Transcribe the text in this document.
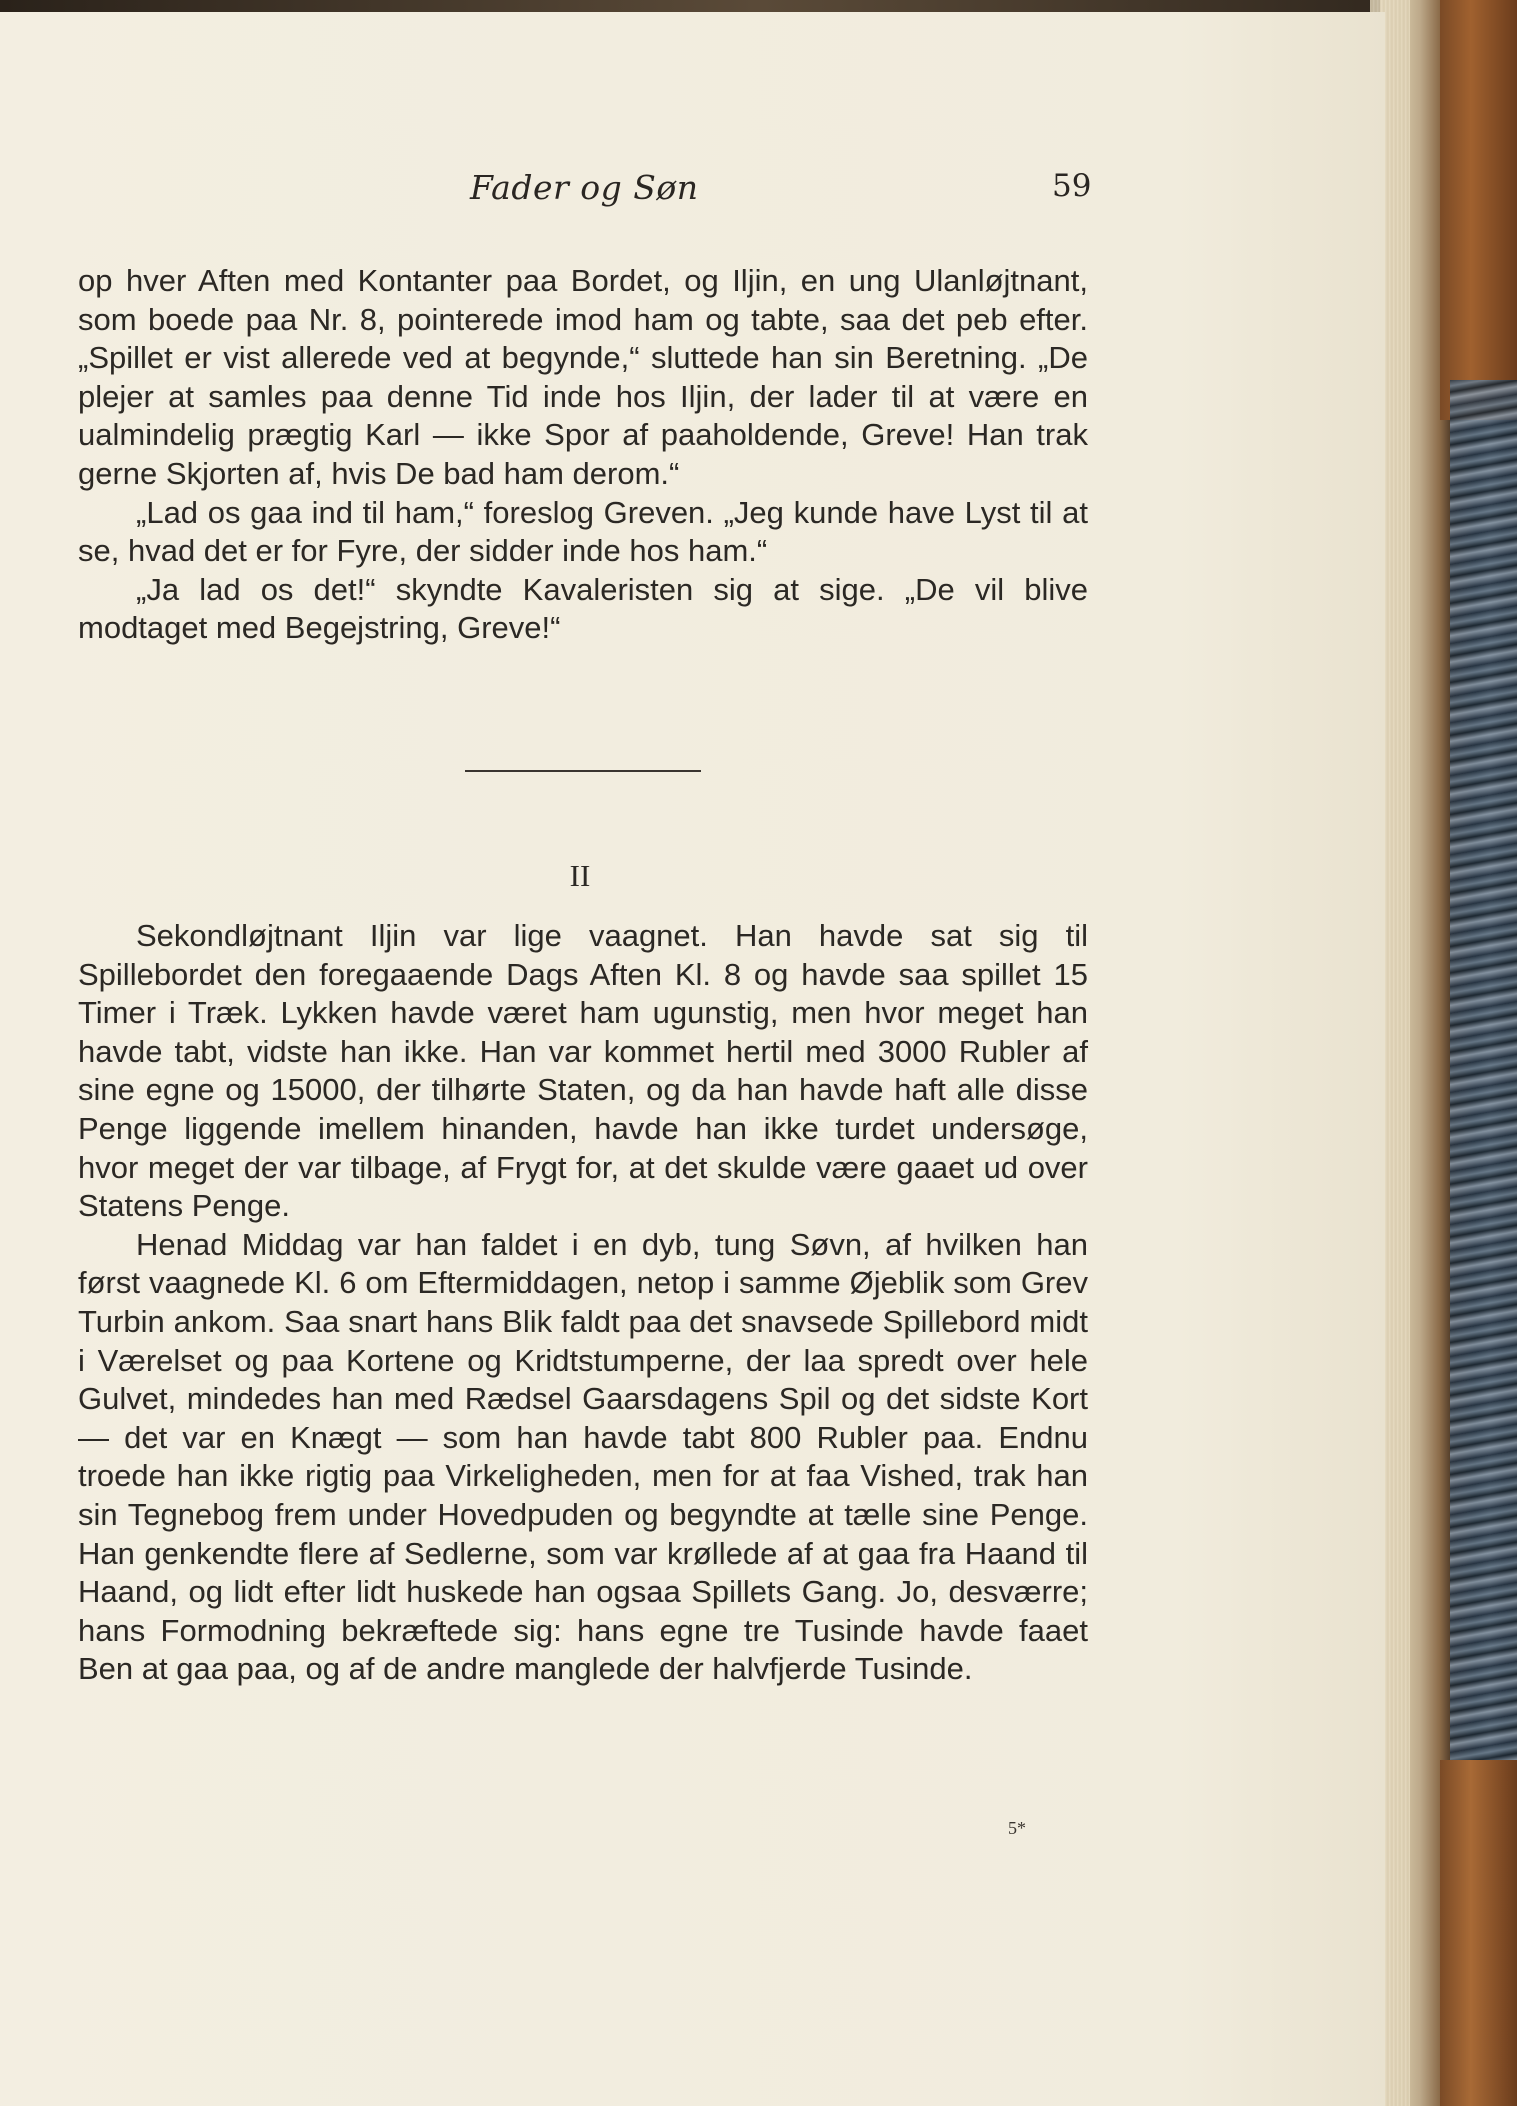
Fader og Søn	59

op hver Aften med Kontanter paa Bordet, og Iljin, en ung Ulanløjtnant, som boede paa Nr. 8, pointerede imod ham og tabte, saa det peb efter. „Spillet er vist allerede ved at begynde,“ sluttede han sin Beretning. „De plejer at samles paa denne Tid inde hos Iljin, der lader til at være en ualmindelig prægtig Karl — ikke Spor af paaholdende, Greve! Han trak gerne Skjorten af, hvis De bad ham derom.“

„Lad os gaa ind til ham,“ foreslog Greven. „Jeg kunde have Lyst til at se, hvad det er for Fyre, der sidder inde hos ham.“

„Ja lad os det!“ skyndte Kavaleristen sig at sige. „De vil blive modtaget med Begejstring, Greve!“

II

Sekondløjtnant Iljin var lige vaagnet. Han havde sat sig til Spillebordet den foregaaende Dags Aften Kl. 8 og havde saa spillet 15 Timer i Træk. Lykken havde været ham ugunstig, men hvor meget han havde tabt, vidste han ikke. Han var kommet hertil med 3000 Rubler af sine egne og 15000, der tilhørte Staten, og da han havde haft alle disse Penge liggende imellem hinanden, havde han ikke turdet undersøge, hvor meget der var tilbage, af Frygt for, at det skulde være gaaet ud over Statens Penge.

Henad Middag var han faldet i en dyb, tung Søvn, af hvilken han først vaagnede Kl. 6 om Eftermiddagen, netop i samme Øjeblik som Grev Turbin ankom. Saa snart hans Blik faldt paa det snavsede Spillebord midt i Værelset og paa Kortene og Kridtstumperne, der laa spredt over hele Gulvet, mindedes han med Rædsel Gaarsdagens Spil og det sidste Kort — det var en Knægt — som han havde tabt 800 Rubler paa. Endnu troede han ikke rigtig paa Virkeligheden, men for at faa Vished, trak han sin Tegnebog frem under Hovedpuden og begyndte at tælle sine Penge. Han genkendte flere af Sedlerne, som var krøllede af at gaa fra Haand til Haand, og lidt efter lidt huskede han ogsaa Spillets Gang. Jo, desværre; hans Formodning bekræftede sig: hans egne tre Tusinde havde faaet Ben at gaa paa, og af de andre manglede der halvfjerde Tusinde.

5*
